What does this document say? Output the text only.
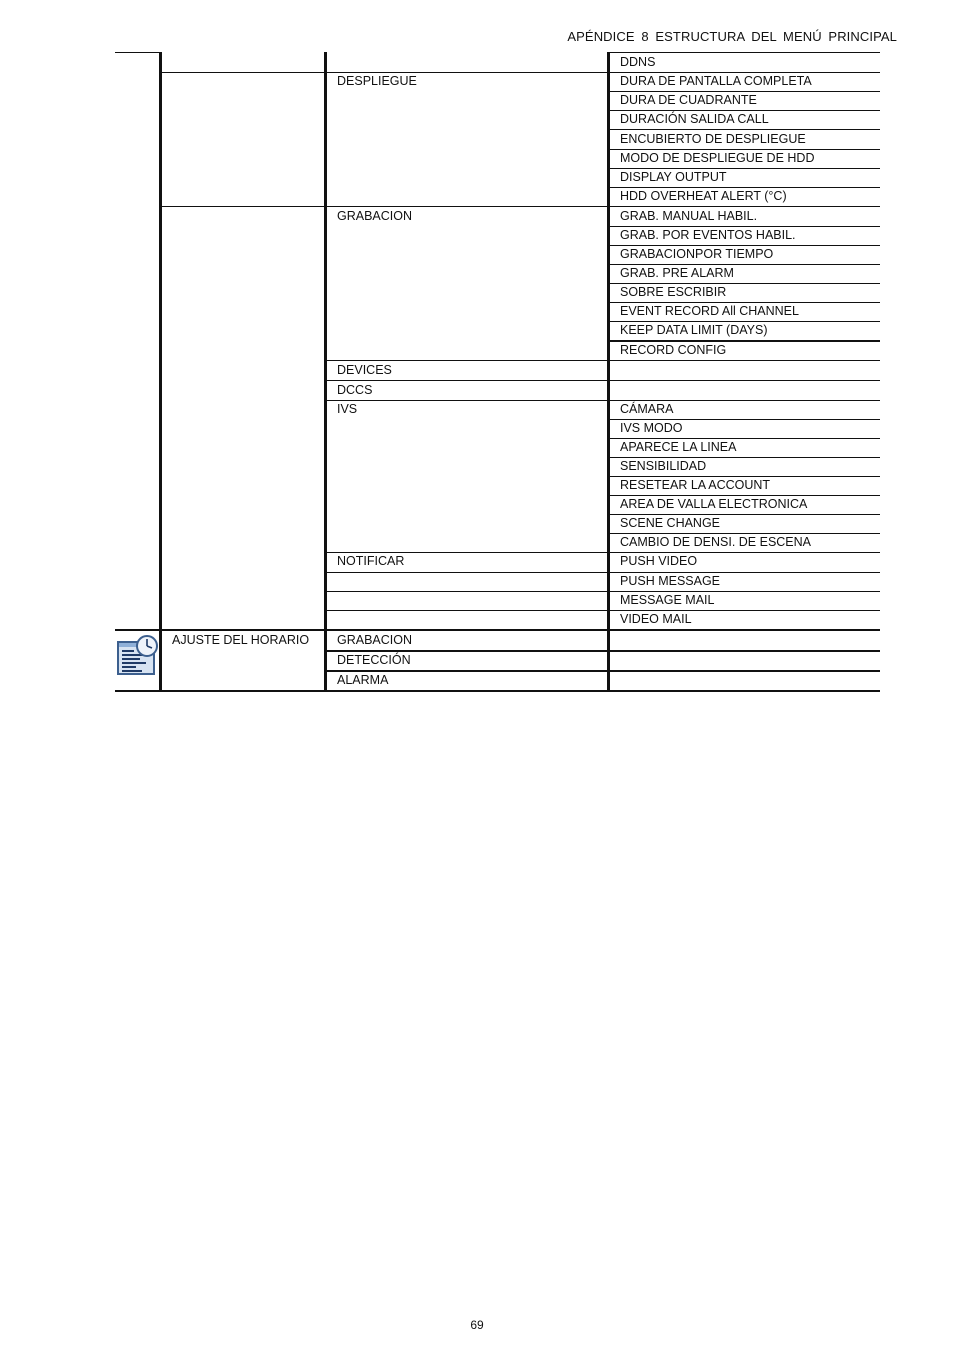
APÉNDICE 8 ESTRUCTURA DEL MENÚ PRINCIPAL
AJUSTE DEL HORARIO
DESPLIEGUE
GRABACION
DEVICES
DCCS
IVS
NOTIFICAR
GRABACION
DETECCIÓN
ALARMA
DDNS
DURA DE PANTALLA COMPLETA
DURA DE CUADRANTE
DURACIÓN SALIDA CALL
ENCUBIERTO DE DESPLIEGUE
MODO DE DESPLIEGUE DE HDD
DISPLAY OUTPUT
HDD OVERHEAT ALERT (°C)
GRAB. MANUAL HABIL.
GRAB. POR EVENTOS HABIL.
GRABACIONPOR TIEMPO
GRAB. PRE ALARM
SOBRE ESCRIBIR
EVENT RECORD All CHANNEL
KEEP DATA LIMIT (DAYS)
RECORD CONFIG
CÁMARA
IVS MODO
APARECE LA LINEA
SENSIBILIDAD
RESETEAR LA ACCOUNT
AREA DE VALLA ELECTRONICA
SCENE CHANGE
CAMBIO DE DENSI. DE ESCENA
PUSH VIDEO
PUSH MESSAGE
MESSAGE MAIL
VIDEO MAIL
69
